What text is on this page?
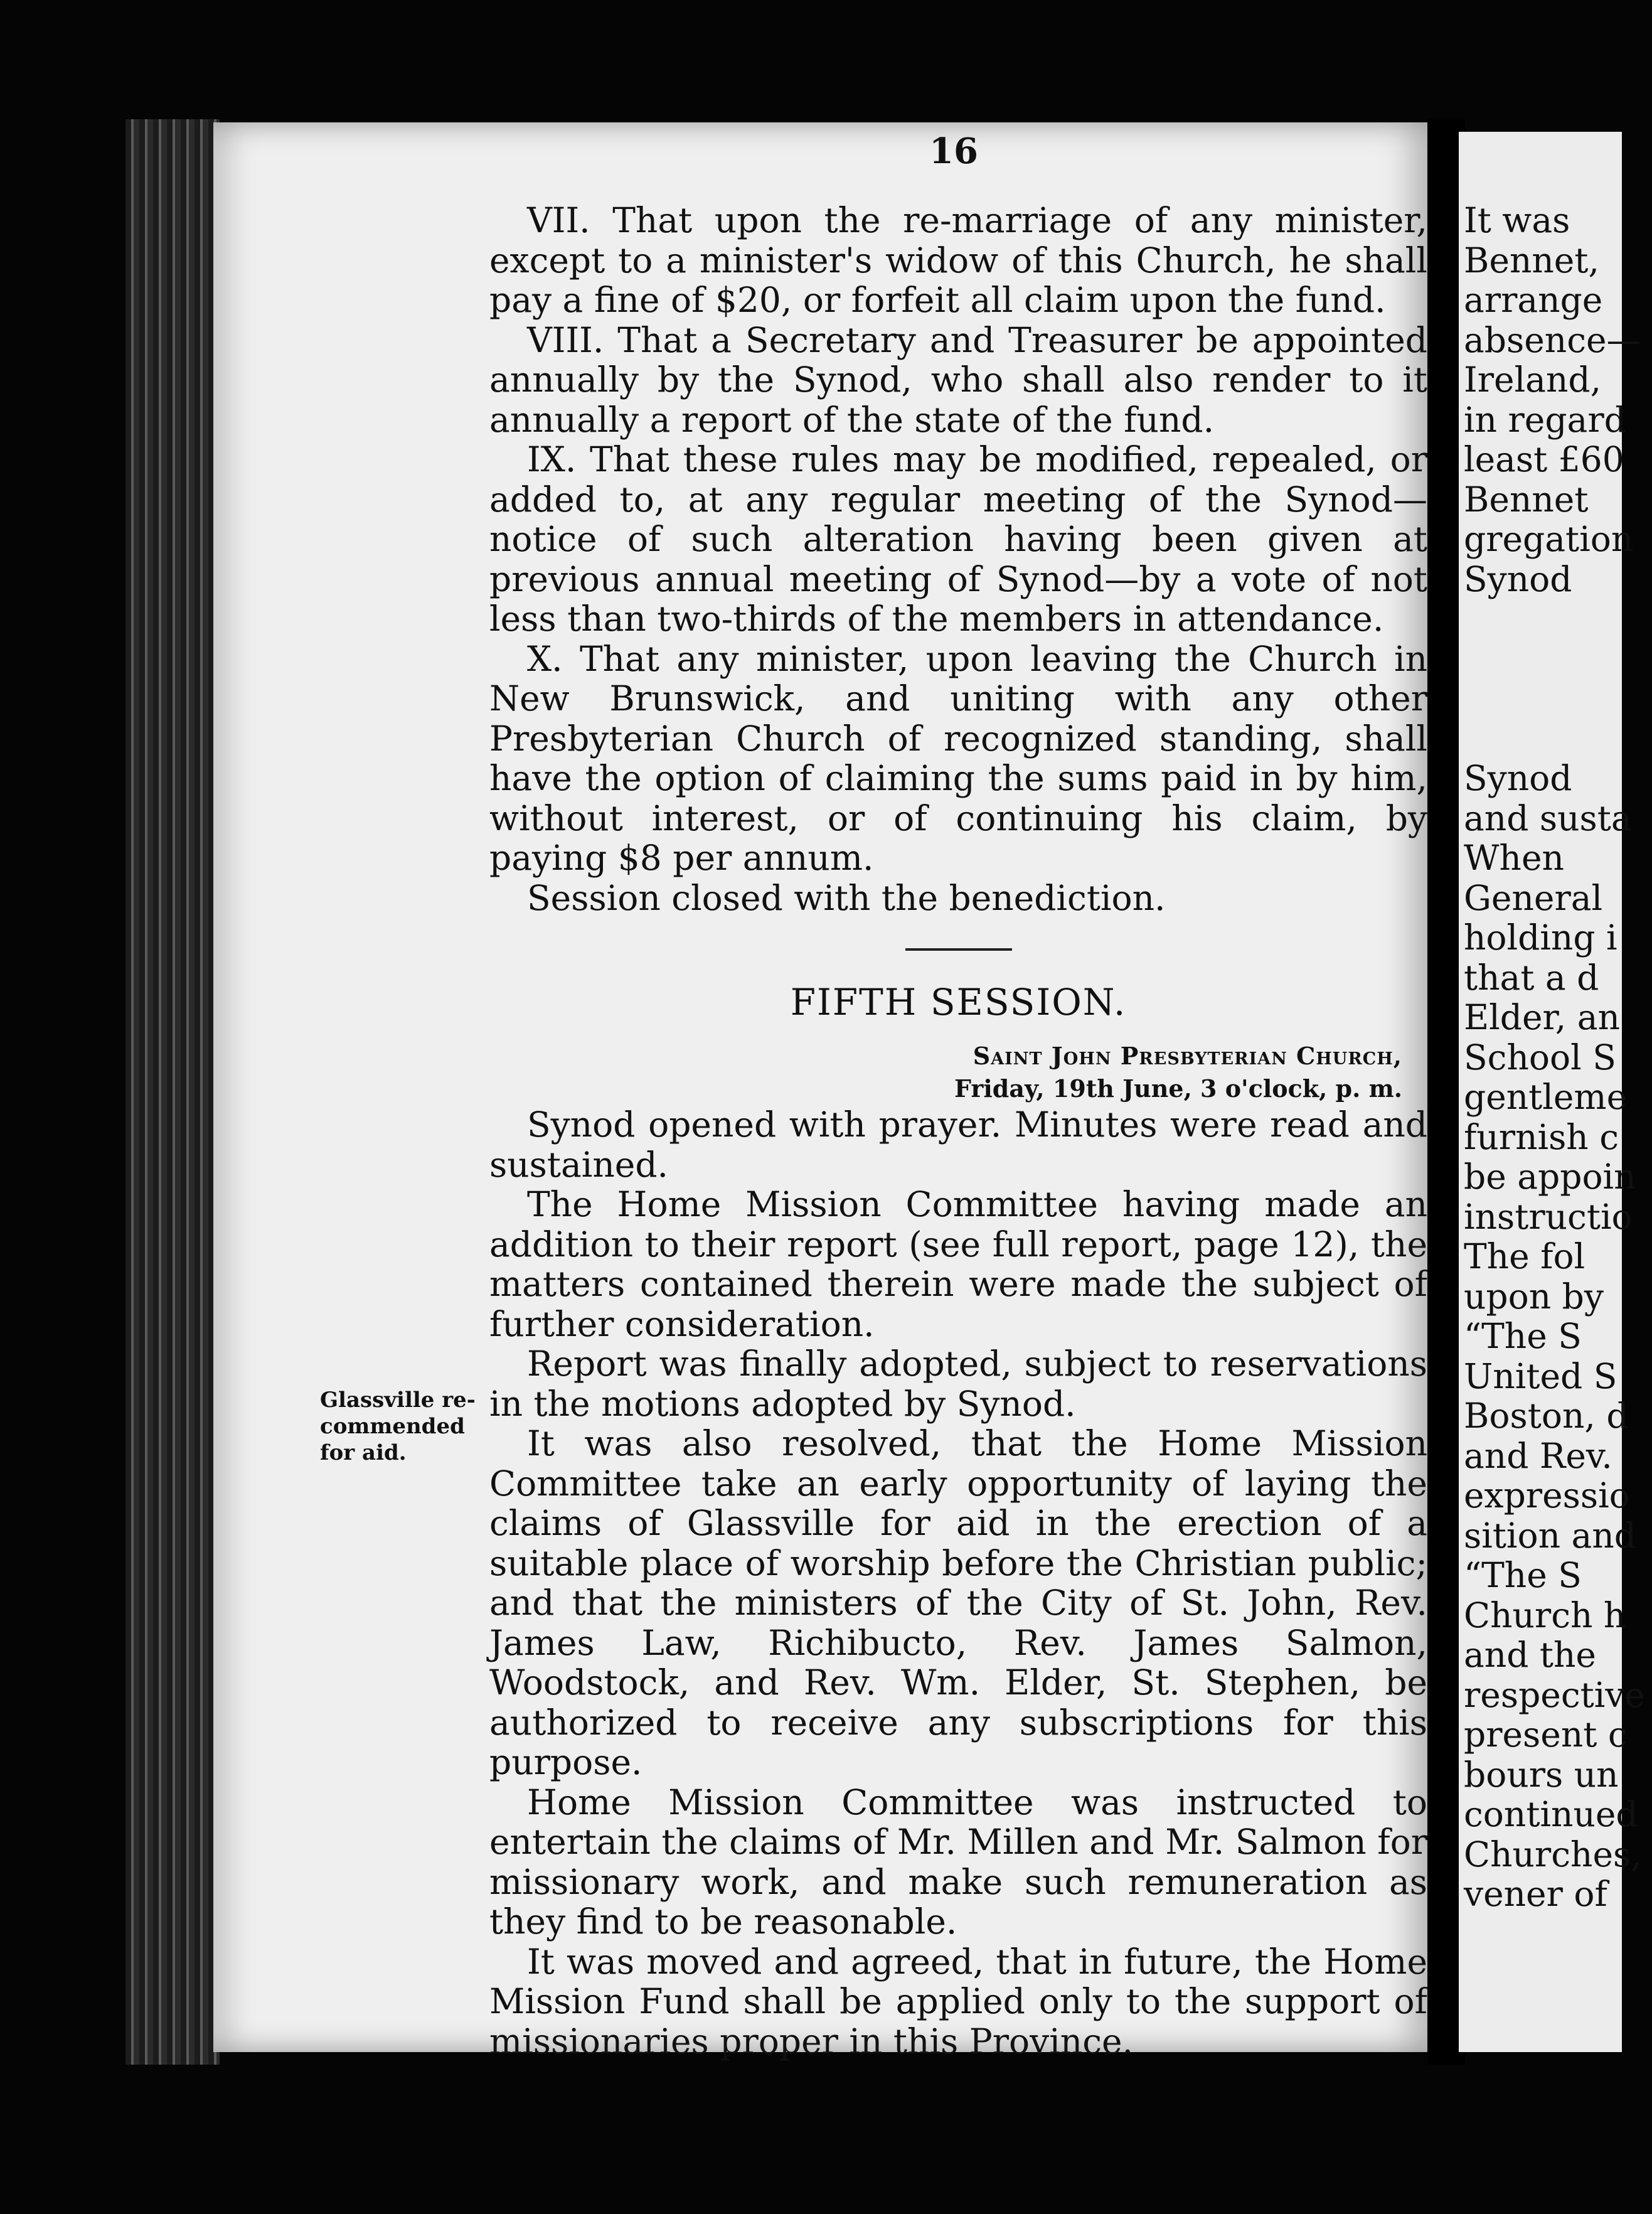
16

VII. That upon the re-marriage of any minister, except to a minister's widow of this Church, he shall pay a fine of $20, or forfeit all claim upon the fund.

VIII. That a Secretary and Treasurer be appointed annually by the Synod, who shall also render to it annually a report of the state of the fund.

IX. That these rules may be modified, repealed, or added to, at any regular meeting of the Synod—notice of such alteration having been given at previous annual meeting of Synod—by a vote of not less than two-thirds of the members in attendance.

X. That any minister, upon leaving the Church in New Brunswick, and uniting with any other Presbyterian Church of recognized standing, shall have the option of claiming the sums paid in by him, without interest, or of continuing his claim, by paying $8 per annum.

Session closed with the benediction.

FIFTH SESSION.
Saint John Presbyterian Church,
Friday, 19th June, 3 o'clock, p. m.

Synod opened with prayer. Minutes were read and sustained.

The Home Mission Committee having made an addition to their report (see full report, page 12), the matters contained therein were made the subject of further consideration.

Report was finally adopted, subject to reservations in the motions adopted by Synod.

It was also resolved, that the Home Mission Committee take an early opportunity of laying the claims of Glassville for aid in the erection of a suitable place of worship before the Christian public; and that the ministers of the City of St. John, Rev. James Law, Richibucto, Rev. James Salmon, Woodstock, and Rev. Wm. Elder, St. Stephen, be authorized to receive any subscriptions for this purpose.

Home Mission Committee was instructed to entertain the claims of Mr. Millen and Mr. Salmon for missionary work, and make such remuneration as they find to be reasonable.

It was moved and agreed, that in future, the Home Mission Fund shall be applied only to the support of missionaries proper in this Province.

Glassville re-
commended
for aid.
It was
Bennet,
arrange
absence—
Ireland,
in regard
least £60
Bennet
gregation
Synod
Synod
and susta
When
General
holding i
that a d
Elder, an
School S
gentleme
furnish c
be appoin
instructio
The fol
upon by
“The S
United S
Boston, d
and Rev.
expressio
sition and
“The S
Church h
and the
respective
present c
bours un
continued
Churches,
vener of
